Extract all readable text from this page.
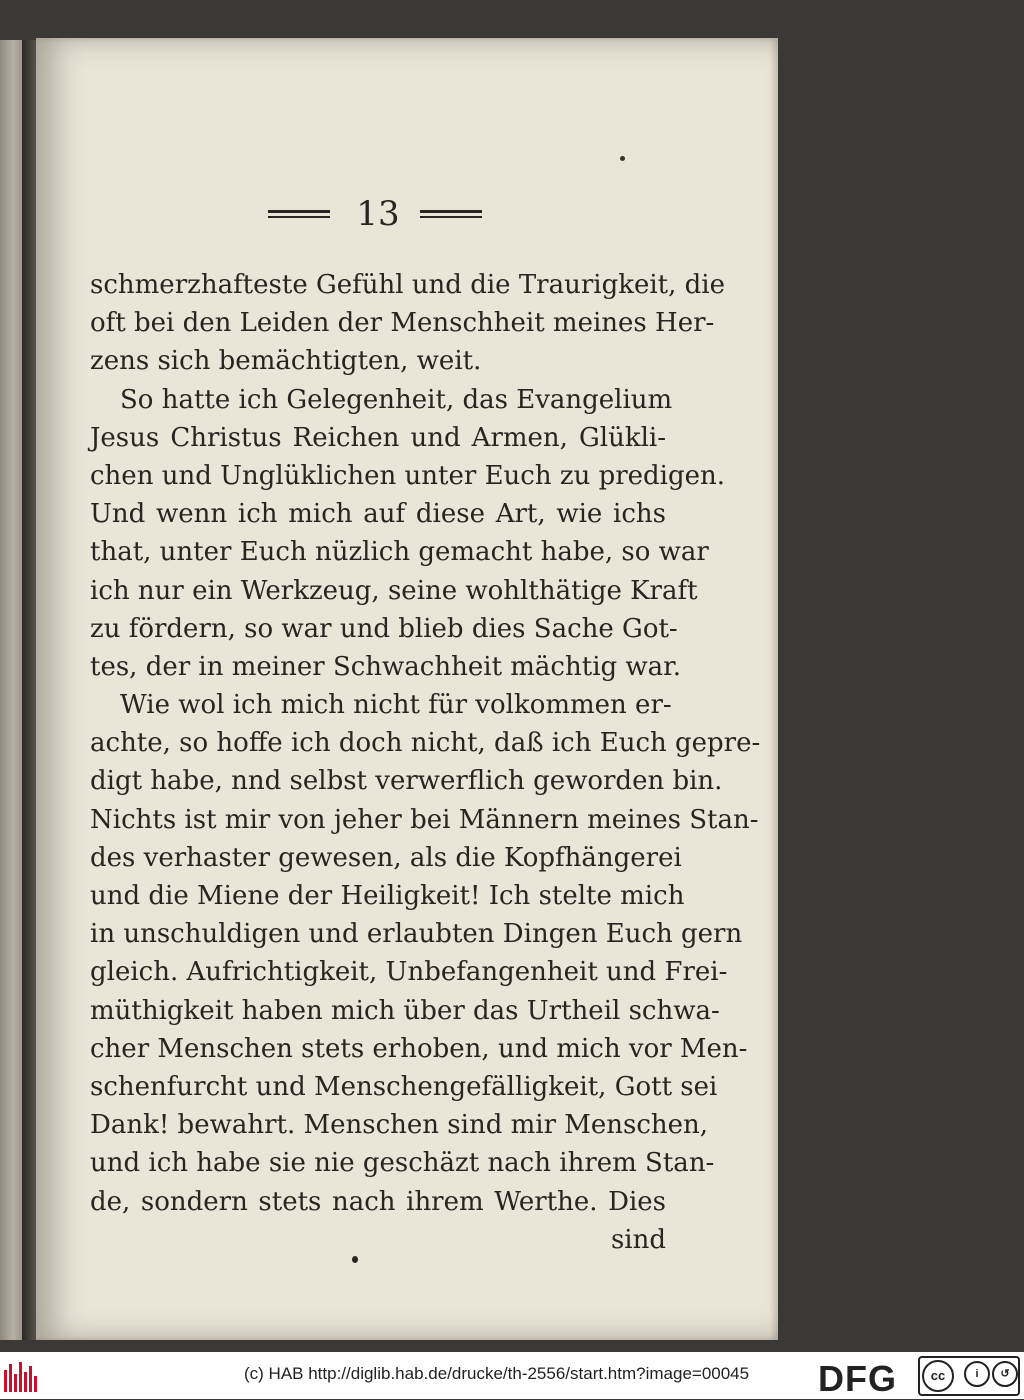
13
schmerzhafteste Gefühl und die Traurigkeit, die
oft bei den Leiden der Menschheit meines Her-
zens sich bemächtigten, weit.
So hatte ich Gelegenheit, das Evangelium
Jesus Christus Reichen und Armen, Glükli-
chen und Unglüklichen unter Euch zu predigen.
Und wenn ich mich auf diese Art, wie ichs
that, unter Euch nüzlich gemacht habe, so war
ich nur ein Werkzeug, seine wohlthätige Kraft
zu fördern, so war und blieb dies Sache Got-
tes, der in meiner Schwachheit mächtig war.
Wie wol ich mich nicht für volkommen er-
achte, so hoffe ich doch nicht, daß ich Euch gepre-
digt habe, nnd selbst verwerflich geworden bin.
Nichts ist mir von jeher bei Männern meines Stan-
des verhaster gewesen, als die Kopfhängerei
und die Miene der Heiligkeit! Ich stelte mich
in unschuldigen und erlaubten Dingen Euch gern
gleich. Aufrichtigkeit, Unbefangenheit und Frei-
müthigkeit haben mich über das Urtheil schwa-
cher Menschen stets erhoben, und mich vor Men-
schenfurcht und Menschengefälligkeit, Gott sei
Dank! bewahrt. Menschen sind mir Menschen,
und ich habe sie nie geschäzt nach ihrem Stan-
de, sondern stets nach ihrem Werthe. Dies
sind
(c) HAB http://diglib.hab.de/drucke/th-2556/start.htm?image=00045 DFG	cc	i	↺
